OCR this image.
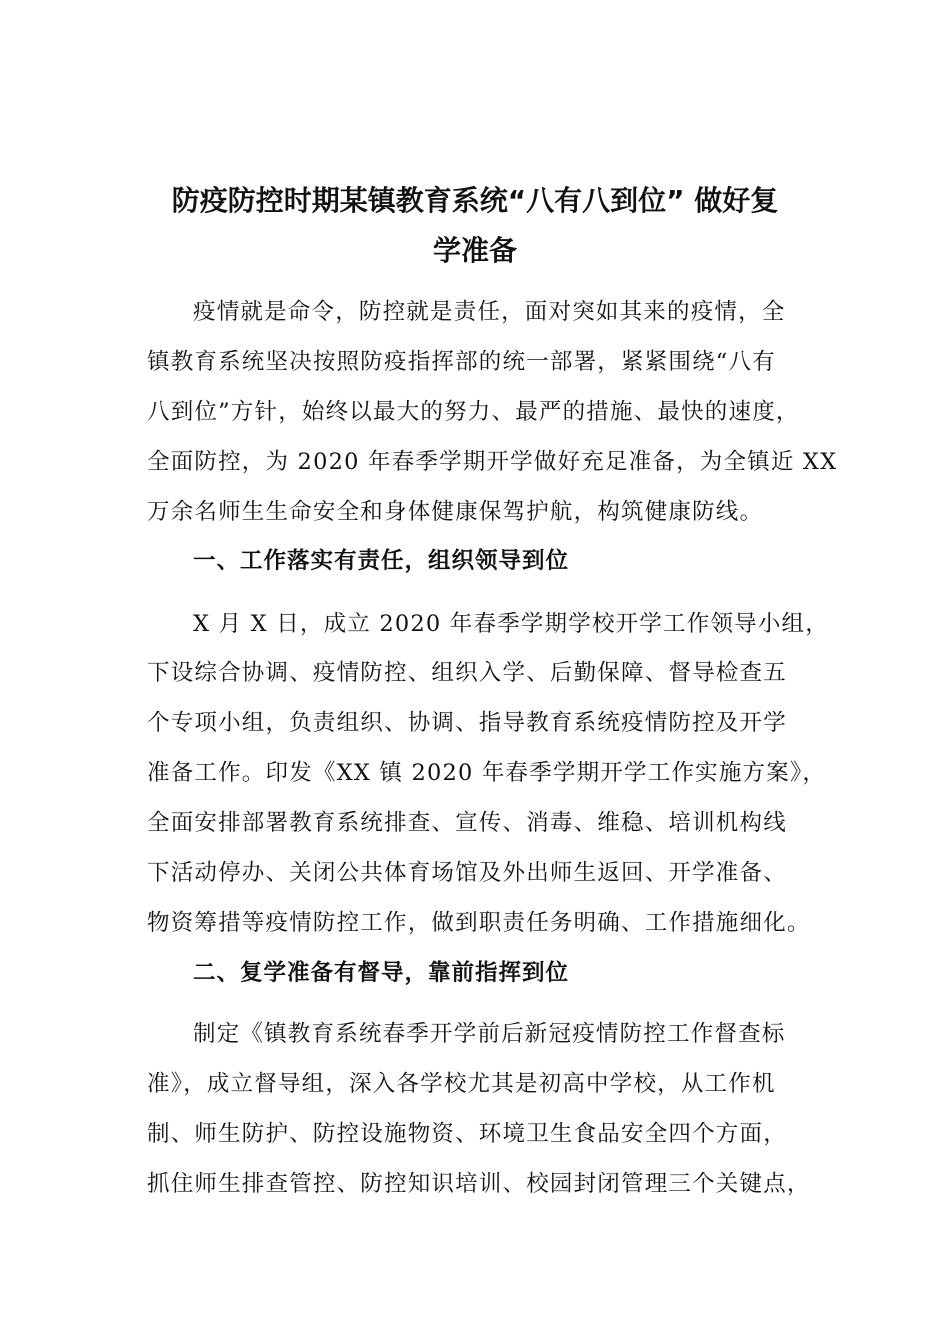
防疫防控时期某镇教育系统“八有八到位” 做好复
学准备

疫情就是命令，防控就是责任，面对突如其来的疫情，全

镇教育系统坚决按照防疫指挥部的统一部署，紧紧围绕“八有

八到位”方针，始终以最大的努力、最严的措施、最快的速度，

全面防控，为 2020 年春季学期开学做好充足准备，为全镇近 XX

万余名师生生命安全和身体健康保驾护航，构筑健康防线。

一、工作落实有责任，组织领导到位

X 月 X 日，成立 2020 年春季学期学校开学工作领导小组，

下设综合协调、疫情防控、组织入学、后勤保障、督导检查五

个专项小组，负责组织、协调、指导教育系统疫情防控及开学

准备工作。印发《XX 镇 2020 年春季学期开学工作实施方案》，

全面安排部署教育系统排查、宣传、消毒、维稳、培训机构线

下活动停办、关闭公共体育场馆及外出师生返回、开学准备、

物资筹措等疫情防控工作，做到职责任务明确、工作措施细化。

二、复学准备有督导，靠前指挥到位

制定《镇教育系统春季开学前后新冠疫情防控工作督查标

准》，成立督导组，深入各学校尤其是初高中学校，从工作机

制、师生防护、防控设施物资、环境卫生食品安全四个方面，

抓住师生排查管控、防控知识培训、校园封闭管理三个关键点，
